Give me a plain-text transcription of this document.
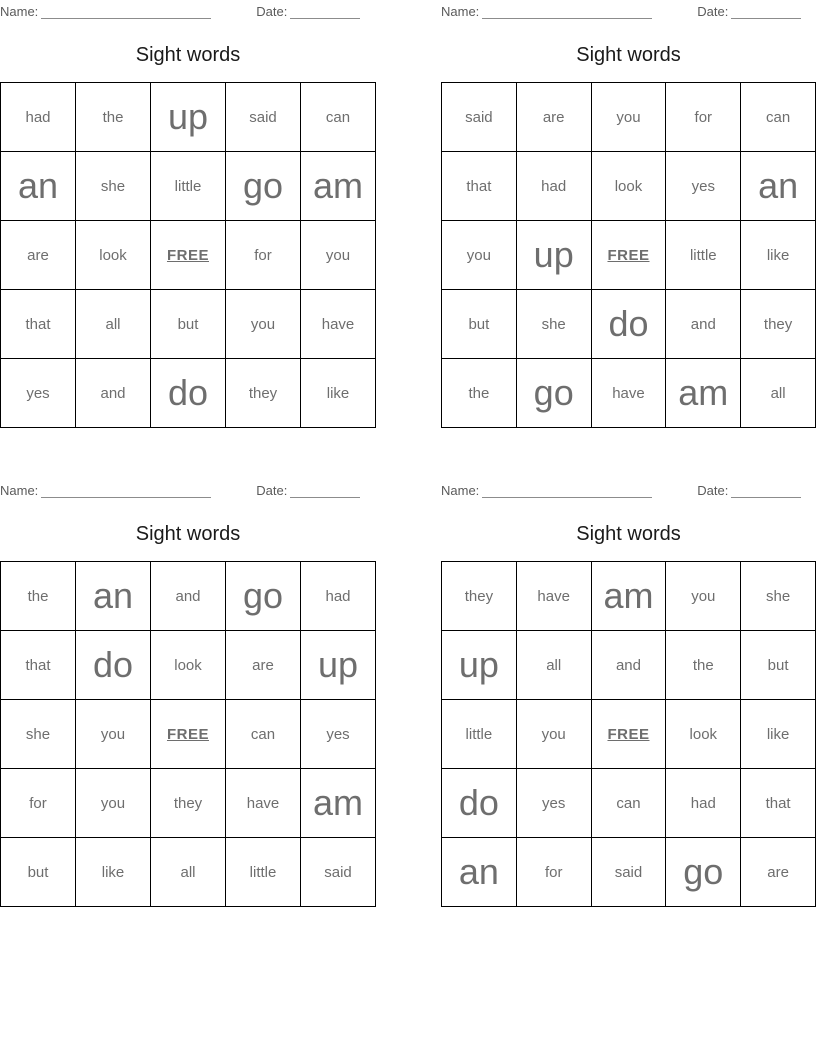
Name:	Date:
Sight words
had	the	up	said	can
an	she	little	go	am
are	look	FREE	for	you
that	all	but	you	have
yes	and	do	they	like
Name:	Date:
Sight words
said	are	you	for	can
that	had	look	yes	an
you	up	FREE	little	like
but	she	do	and	they
the	go	have	am	all
Name:	Date:
Sight words
the	an	and	go	had
that	do	look	are	up
she	you	FREE	can	yes
for	you	they	have	am
but	like	all	little	said
Name:	Date:
Sight words
they	have	am	you	she
up	all	and	the	but
little	you	FREE	look	like
do	yes	can	had	that
an	for	said	go	are
